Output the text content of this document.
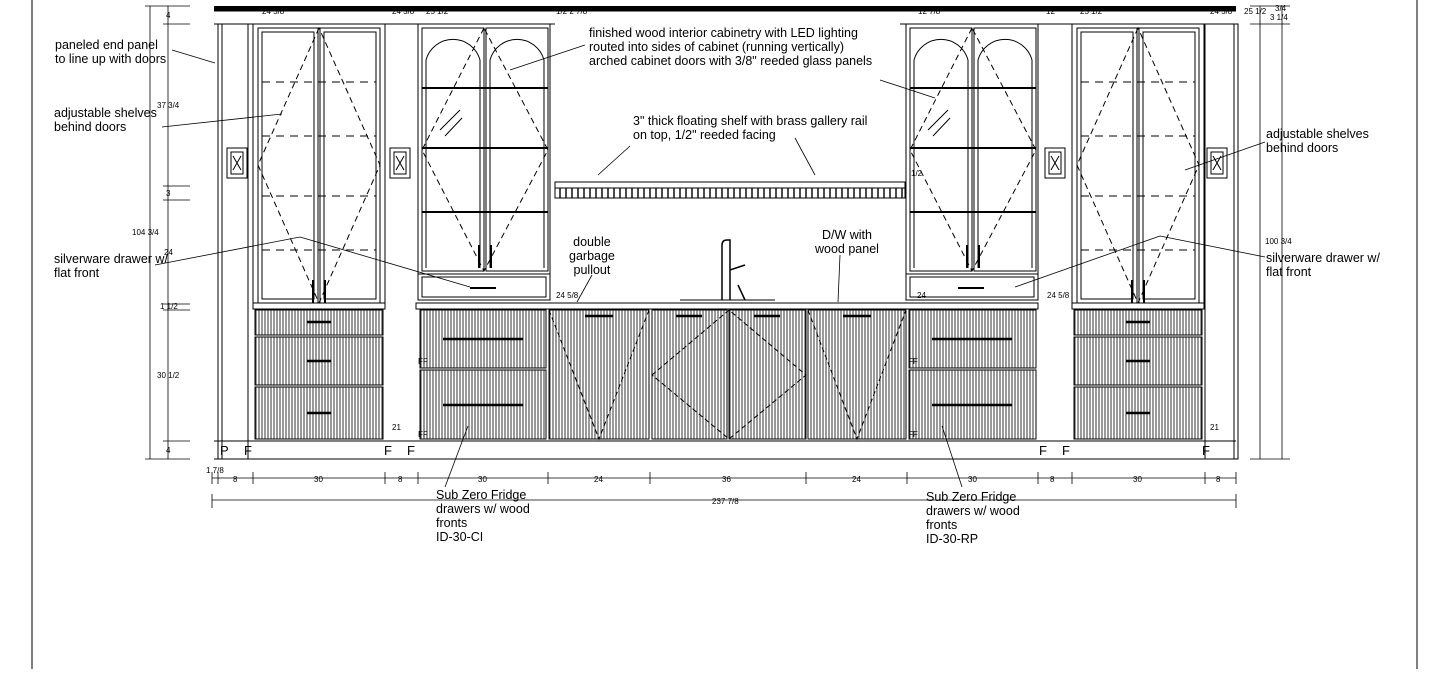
4
37 3/4
3
104 3/4
24
1 1/2
30 1/2
4
3 1/4
100 3/4
3/4
24 5/8	24 5/8 25 1/2	1/2 2 7/8	12 7/8	12	25 1/2	24 5/8 25 1/2
24 5/8	24	24 5/8
21	21
1/2
1 7/8
8	30	8	30	24	36	24	30	8	30	8
237 7/8
P F	F F	F F	F
FF
FF
FF
FF
paneled end panel
to line up with doors
adjustable shelves
behind doors
silverware drawer w/
flat front
finished wood interior cabinetry with LED lighting
routed into sides of cabinet (running vertically)
arched cabinet doors with 3/8" reeded glass panels
3" thick floating shelf with brass gallery rail
on top, 1/2" reeded facing
double
garbage
pullout
D/W with
wood panel
adjustable shelves
behind doors
silverware drawer w/
flat front
Sub Zero Fridge
drawers w/ wood
fronts
ID-30-CI
Sub Zero Fridge
drawers w/ wood
fronts
ID-30-RP
